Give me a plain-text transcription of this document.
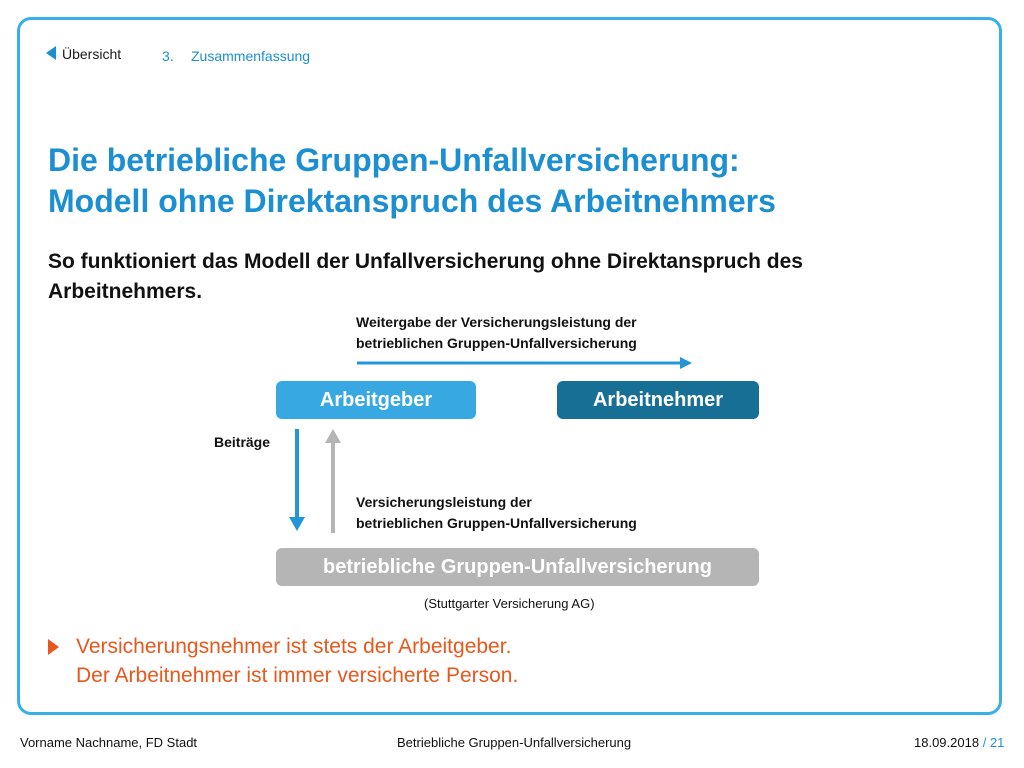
Übersicht	3. Zusammenfassung
Die betriebliche Gruppen-Unfallversicherung:
Modell ohne Direktanspruch des Arbeitnehmers

So funktioniert das Modell der Unfallversicherung ohne Direktanspruch des
Arbeitnehmers.

Weitergabe der Versicherungsleistung der
betrieblichen Gruppen-Unfallversicherung
Arbeitgeber	Arbeitnehmer
Beiträge
Versicherungsleistung der
betrieblichen Gruppen-Unfallversicherung
betriebliche Gruppen-Unfallversicherung
(Stuttgarter Versicherung AG)
Versicherungsnehmer ist stets der Arbeitgeber.
Der Arbeitnehmer ist immer versicherte Person.
Vorname Nachname, FD Stadt	Betriebliche Gruppen-Unfallversicherung	18.09.2018 / 21
